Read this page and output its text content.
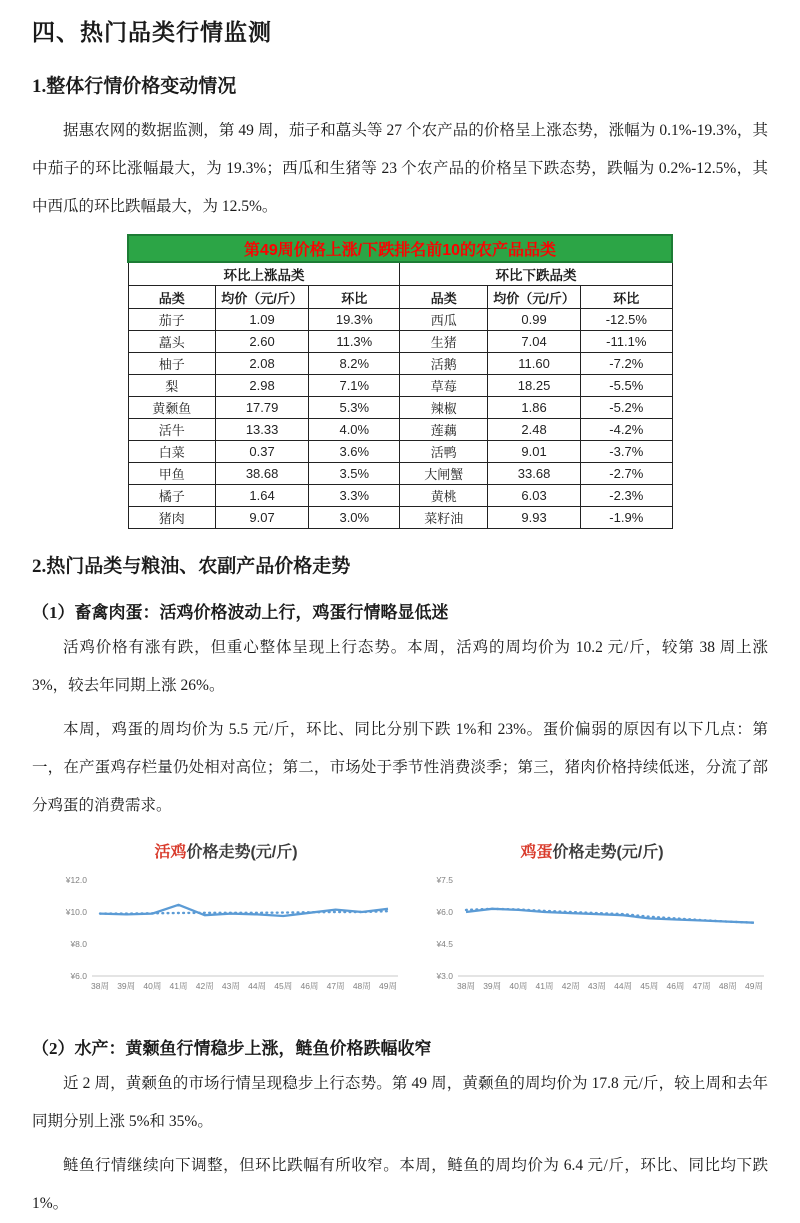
四、热门品类行情监测
1.整体行情价格变动情况

据惠农网的数据监测，第 49 周，茄子和藠头等 27 个农产品的价格呈上涨态势，涨幅为 0.1%-19.3%，其中茄子的环比涨幅最大，为 19.3%；西瓜和生猪等 23 个农产品的价格呈下跌态势，跌幅为 0.2%-12.5%，其中西瓜的环比跌幅最大，为 12.5%。

第49周价格上涨/下跌排名前10的农产品品类					
环比上涨品类			环比下跌品类		
品类	均价（元/斤）	环比	品类	均价（元/斤）	环比
茄子	1.09	19.3%	西瓜	0.99	-12.5%
藠头	2.60	11.3%	生猪	7.04	-11.1%
柚子	2.08	8.2%	活鹅	11.60	-7.2%
梨	2.98	7.1%	草莓	18.25	-5.5%
黄颡鱼	17.79	5.3%	辣椒	1.86	-5.2%
活牛	13.33	4.0%	莲藕	2.48	-4.2%
白菜	0.37	3.6%	活鸭	9.01	-3.7%
甲鱼	38.68	3.5%	大闸蟹	33.68	-2.7%
橘子	1.64	3.3%	黄桃	6.03	-2.3%
猪肉	9.07	3.0%	菜籽油	9.93	-1.9%
2.热门品类与粮油、农副产品价格走势
（1）畜禽肉蛋：活鸡价格波动上行，鸡蛋行情略显低迷

活鸡价格有涨有跌，但重心整体呈现上行态势。本周，活鸡的周均价为 10.2 元/斤，较第 38 周上涨 3%，较去年同期上涨 26%。

本周，鸡蛋的周均价为 5.5 元/斤，环比、同比分别下跌 1%和 23%。蛋价偏弱的原因有以下几点：第一，在产蛋鸡存栏量仍处相对高位；第二，市场处于季节性消费淡季；第三，猪肉价格持续低迷，分流了部分鸡蛋的消费需求。

活鸡价格走势(元/斤)
¥12.0
¥10.0
¥8.0
¥6.0
38周 39周 40周 41周 42周 43周 44周 45周 46周 47周 48周 49周
鸡蛋价格走势(元/斤)
¥7.5
¥6.0
¥4.5
¥3.0
38周 39周 40周 41周 42周 43周 44周 45周 46周 47周 48周 49周
（2）水产：黄颡鱼行情稳步上涨，鲢鱼价格跌幅收窄

近 2 周，黄颡鱼的市场行情呈现稳步上行态势。第 49 周，黄颡鱼的周均价为 17.8 元/斤，较上周和去年同期分别上涨 5%和 35%。

鲢鱼行情继续向下调整，但环比跌幅有所收窄。本周，鲢鱼的周均价为 6.4 元/斤，环比、同比均下跌 1%。
